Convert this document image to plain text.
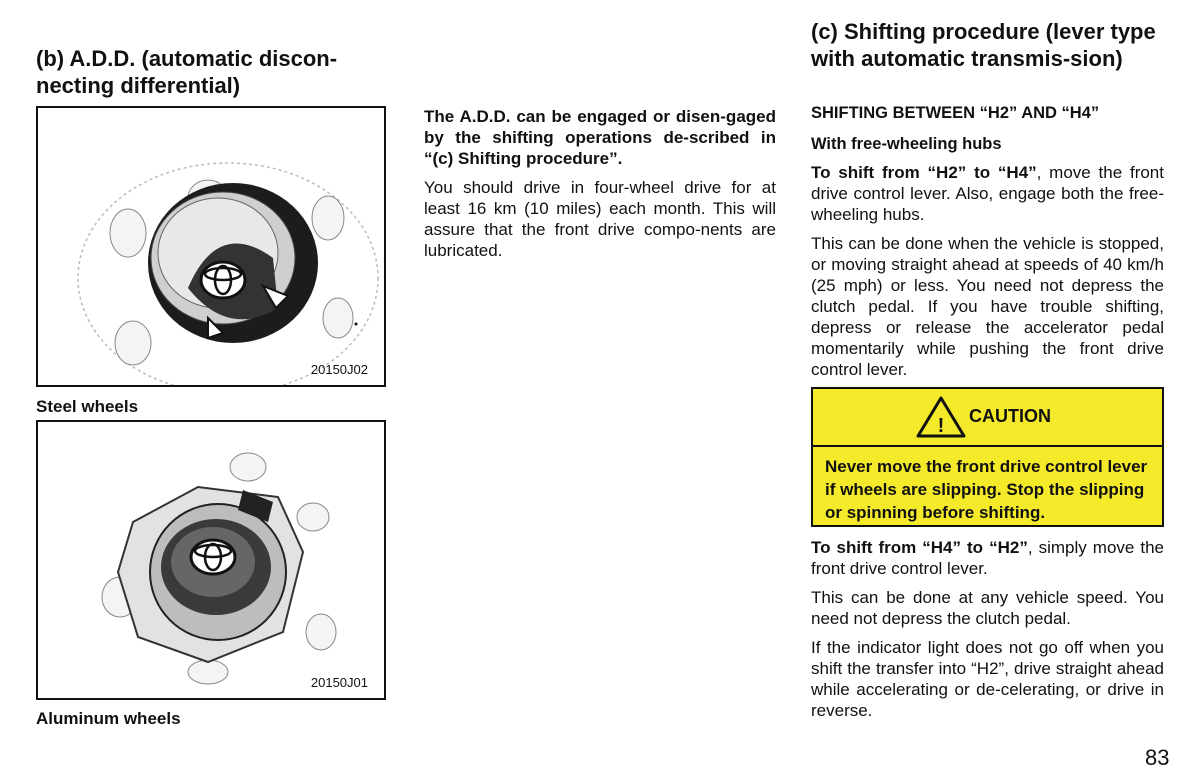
(b) A.D.D. (automatic discon-
necting differential)
20150J02
Steel wheels
20150J01
Aluminum wheels

The A.D.D. can be engaged or disen-gaged by the shifting operations de-scribed in “(c) Shifting procedure”.

You should drive in four-wheel drive for at least 16 km (10 miles) each month. This will assure that the front drive compo-nents are lubricated.

(c) Shifting procedure (lever type with automatic transmis-sion)
SHIFTING BETWEEN “H2” AND “H4”
With free-wheeling hubs

To shift from “H2” to “H4”, move the front drive control lever. Also, engage both the free-wheeling hubs.

This can be done when the vehicle is stopped, or moving straight ahead at speeds of 40 km/h (25 mph) or less. You need not depress the clutch pedal. If you have trouble shifting, depress or release the accelerator pedal momentarily while pushing the front drive control lever.

! CAUTION
Never move the front drive control lever if wheels are slipping. Stop the slipping or spinning before shifting.

To shift from “H4” to “H2”, simply move the front drive control lever.

This can be done at any vehicle speed. You need not depress the clutch pedal.

If the indicator light does not go off when you shift the transfer into “H2”, drive straight ahead while accelerating or de-celerating, or drive in reverse.

83
